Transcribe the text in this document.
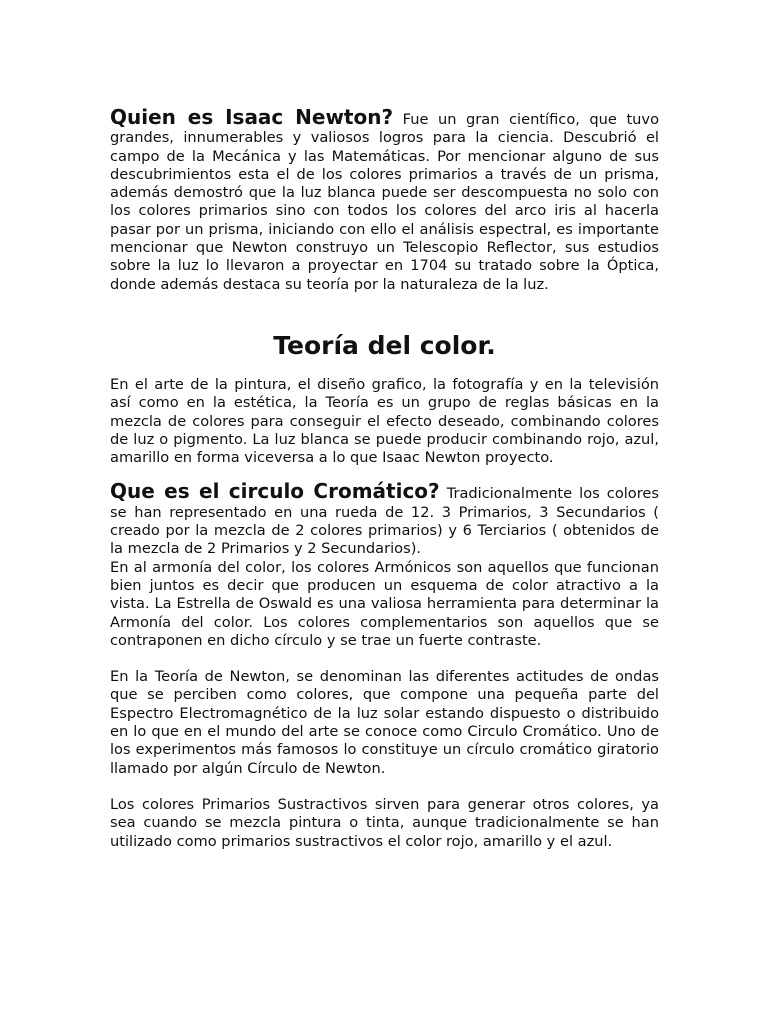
Quien es Isaac Newton? Fue un gran científico, que tuvo grandes, innumerables y valiosos logros para la ciencia. Descubrió el campo de la Mecánica y las Matemáticas. Por mencionar alguno de sus descubrimientos esta el de los colores primarios a través de un prisma, además demostró que la luz blanca puede ser descompuesta no solo con los colores primarios sino con todos los colores del arco iris al hacerla pasar por un prisma, iniciando con ello el análisis espectral, es importante mencionar que Newton construyo un Telescopio Reflector, sus estudios sobre la luz lo llevaron a proyectar en 1704 su tratado sobre la Óptica, donde además destaca su teoría por la naturaleza de la luz.

Teoría del color.

En el arte de la pintura, el diseño grafico, la fotografía y en la televisión así como en la estética, la Teoría es un grupo de reglas básicas en la mezcla de colores para conseguir el efecto deseado, combinando colores de luz o pigmento. La luz blanca se puede producir combinando rojo, azul, amarillo en forma viceversa a lo que Isaac Newton proyecto.

Que es el circulo Cromático? Tradicionalmente los colores se han representado en una rueda de 12. 3 Primarios, 3 Secundarios ( creado por la mezcla de 2 colores primarios) y 6 Terciarios ( obtenidos de la mezcla de 2 Primarios y 2 Secundarios).

En al armonía del color, los colores Armónicos son aquellos que funcionan bien juntos es decir que producen un esquema de color atractivo a la vista. La Estrella de Oswald es una valiosa herramienta para determinar la Armonía del color. Los colores complementarios son aquellos que se contraponen en dicho círculo y se trae un fuerte contraste.

En la Teoría de Newton, se denominan las diferentes actitudes de ondas que se perciben como colores, que compone una pequeña parte del Espectro Electromagnético de la luz solar estando dispuesto o distribuido en lo que en el mundo del arte se conoce como Circulo Cromático. Uno de los experimentos más famosos lo constituye un círculo cromático giratorio llamado por algún Círculo de Newton.

Los colores Primarios Sustractivos sirven para generar otros colores, ya sea cuando se mezcla pintura o tinta, aunque tradicionalmente se han utilizado como primarios sustractivos el color rojo, amarillo y el azul.
